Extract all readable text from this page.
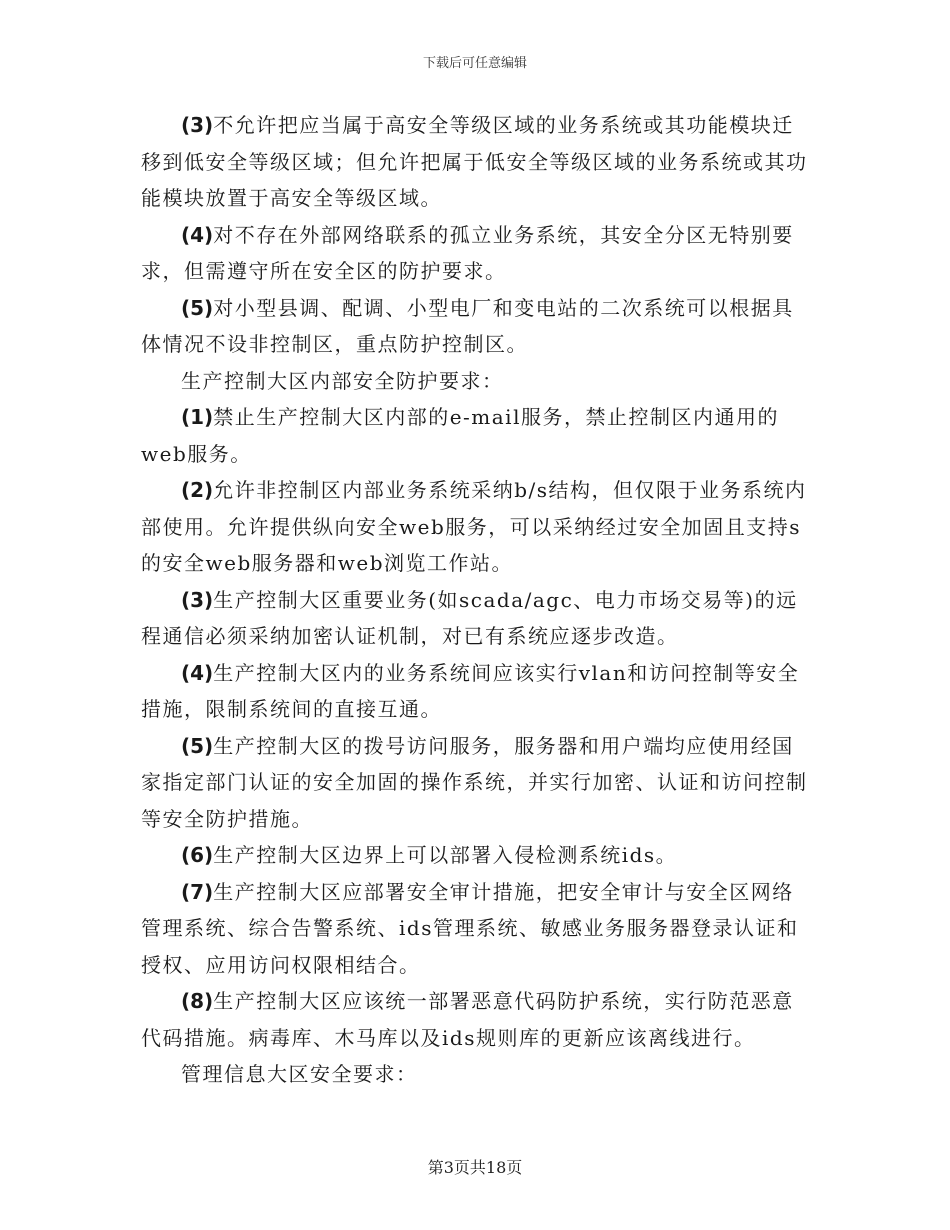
下载后可任意编辑

(3)不允许把应当属于高安全等级区域的业务系统或其功能模块迁移到低安全等级区域；但允许把属于低安全等级区域的业务系统或其功能模块放置于高安全等级区域。

(4)对不存在外部网络联系的孤立业务系统，其安全分区无特别要求，但需遵守所在安全区的防护要求。

(5)对小型县调、配调、小型电厂和变电站的二次系统可以根据具体情况不设非控制区，重点防护控制区。

生产控制大区内部安全防护要求：

(1)禁止生产控制大区内部的e-mail服务，禁止控制区内通用的web服务。

(2)允许非控制区内部业务系统采纳b/s结构，但仅限于业务系统内部使用。允许提供纵向安全web服务，可以采纳经过安全加固且支持s的安全web服务器和web浏览工作站。

(3)生产控制大区重要业务(如scada/agc、电力市场交易等)的远程通信必须采纳加密认证机制，对已有系统应逐步改造。

(4)生产控制大区内的业务系统间应该实行vlan和访问控制等安全措施，限制系统间的直接互通。

(5)生产控制大区的拨号访问服务，服务器和用户端均应使用经国家指定部门认证的安全加固的操作系统，并实行加密、认证和访问控制等安全防护措施。

(6)生产控制大区边界上可以部署入侵检测系统ids。

(7)生产控制大区应部署安全审计措施，把安全审计与安全区网络管理系统、综合告警系统、ids管理系统、敏感业务服务器登录认证和授权、应用访问权限相结合。

(8)生产控制大区应该统一部署恶意代码防护系统，实行防范恶意代码措施。病毒库、木马库以及ids规则库的更新应该离线进行。

管理信息大区安全要求：

第3页共18页
